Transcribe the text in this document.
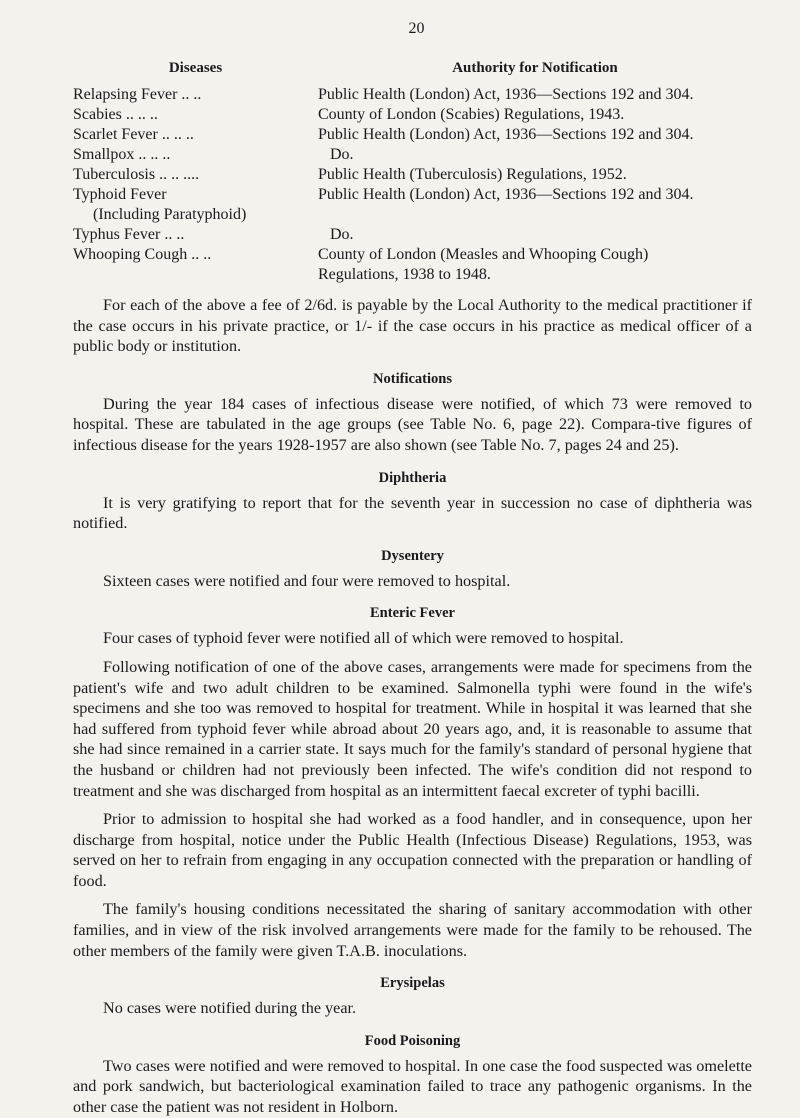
20
Diseases	Authority for Notification
Relapsing Fever .. ..	Public Health (London) Act, 1936—Sections 192 and 304.
Scabies .. .. ..	County of London (Scabies) Regulations, 1943.
Scarlet Fever .. .. ..	Public Health (London) Act, 1936—Sections 192 and 304.
Smallpox .. .. ..	Do.
Tuberculosis .. .. ....	Public Health (Tuberculosis) Regulations, 1952.
Typhoid Fever	Public Health (London) Act, 1936—Sections 192 and 304.
(Including Paratyphoid)
Typhus Fever .. ..	Do.
Whooping Cough .. ..	County of London (Measles and Whooping Cough)
Regulations, 1938 to 1948.

For each of the above a fee of 2/6d. is payable by the Local Authority to the medical practitioner if the case occurs in his private practice, or 1/- if the case occurs in his practice as medical officer of a public body or institution.

Notifications

During the year 184 cases of infectious disease were notified, of which 73 were removed to hospital. These are tabulated in the age groups (see Table No. 6, page 22). Compara-tive figures of infectious disease for the years 1928-1957 are also shown (see Table No. 7, pages 24 and 25).

Diphtheria

It is very gratifying to report that for the seventh year in succession no case of diphtheria was notified.

Dysentery

Sixteen cases were notified and four were removed to hospital.

Enteric Fever

Four cases of typhoid fever were notified all of which were removed to hospital.

Following notification of one of the above cases, arrangements were made for specimens from the patient's wife and two adult children to be examined. Salmonella typhi were found in the wife's specimens and she too was removed to hospital for treatment. While in hospital it was learned that she had suffered from typhoid fever while abroad about 20 years ago, and, it is reasonable to assume that she had since remained in a carrier state. It says much for the family's standard of personal hygiene that the husband or children had not previously been infected. The wife's condition did not respond to treatment and she was discharged from hospital as an intermittent faecal excreter of typhi bacilli.

Prior to admission to hospital she had worked as a food handler, and in consequence, upon her discharge from hospital, notice under the Public Health (Infectious Disease) Regulations, 1953, was served on her to refrain from engaging in any occupation connected with the preparation or handling of food.

The family's housing conditions necessitated the sharing of sanitary accommodation with other families, and in view of the risk involved arrangements were made for the family to be rehoused. The other members of the family were given T.A.B. inoculations.

Erysipelas

No cases were notified during the year.

Food Poisoning

Two cases were notified and were removed to hospital. In one case the food suspected was omelette and pork sandwich, but bacteriological examination failed to trace any pathogenic organisms. In the other case the patient was not resident in Holborn.
